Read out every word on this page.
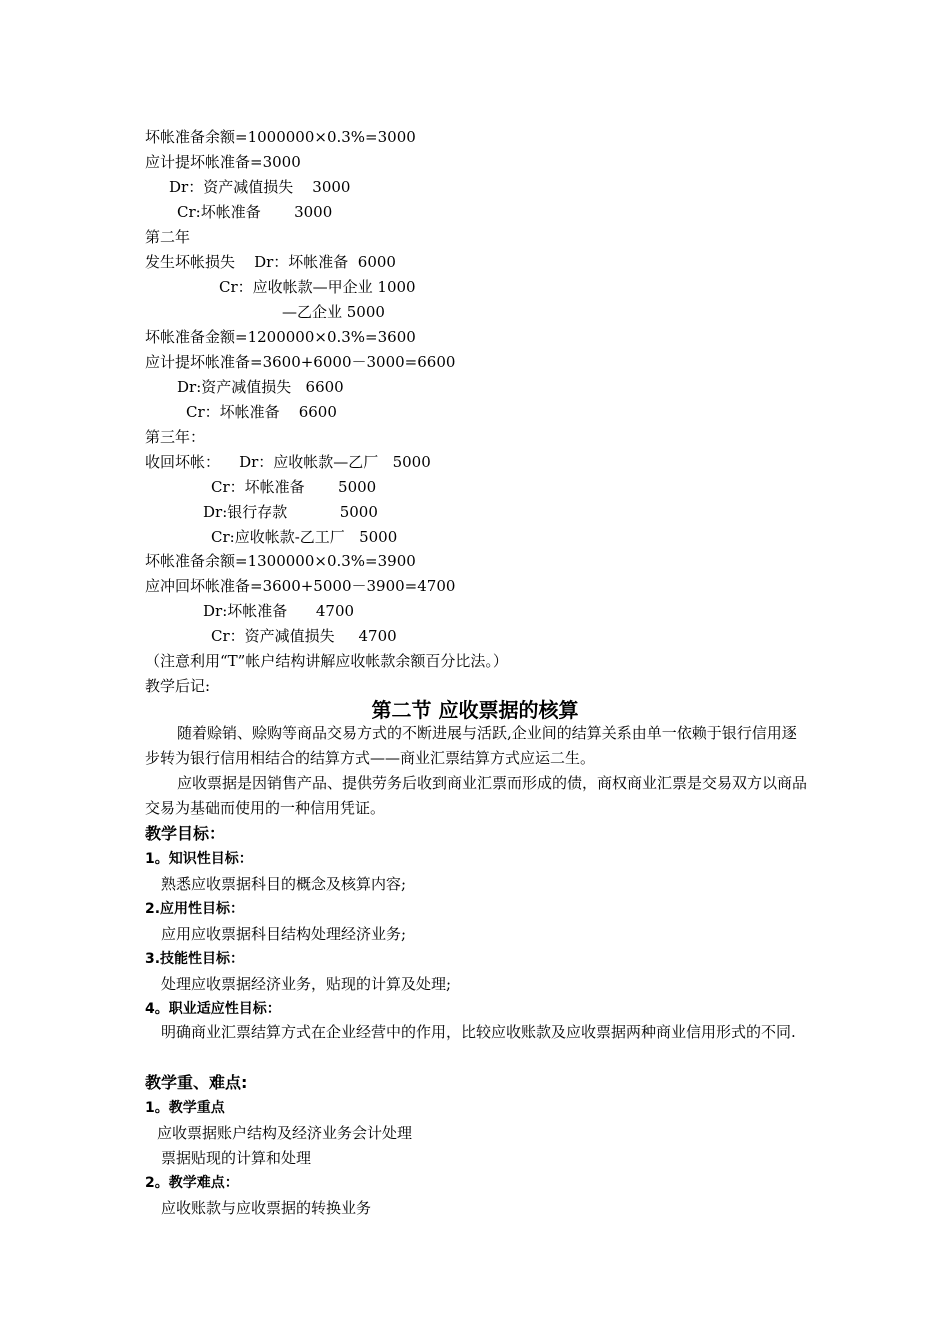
坏帐准备余额=1000000×0.3%=3000

应计提坏帐准备=3000

Dr：资产减值损失    3000

Cr:坏帐准备       3000

第二年

发生坏帐损失    Dr：坏帐准备  6000

Cr：应收帐款—甲企业 1000

—乙企业 5000

坏帐准备金额=1200000×0.3%=3600

应计提坏帐准备=3600+6000－3000=6600

Dr:资产减值损失   6600

Cr：坏帐准备    6600

第三年：

收回坏帐：    Dr：应收帐款—乙厂   5000

Cr：坏帐准备       5000

Dr:银行存款           5000

Cr:应收帐款-乙工厂   5000

坏帐准备余额=1300000×0.3%=3900

应冲回坏帐准备=3600+5000－3900=4700

Dr:坏帐准备      4700

Cr：资产减值损失     4700

（注意利用“T”帐户结构讲解应收帐款余额百分比法。）

教学后记:

第二节 应收票据的核算

随着赊销、赊购等商品交易方式的不断进展与活跃,企业间的结算关系由单一依赖于银行信用逐步转为银行信用相结合的结算方式——商业汇票结算方式应运二生。

应收票据是因销售产品、提供劳务后收到商业汇票而形成的债，商权商业汇票是交易双方以商品交易为基础而使用的一种信用凭证。

教学目标：
1。知识性目标：

熟悉应收票据科目的概念及核算内容;

2.应用性目标：

应用应收票据科目结构处理经济业务;

3.技能性目标：

处理应收票据经济业务，贴现的计算及处理;

4。职业适应性目标：

明确商业汇票结算方式在企业经营中的作用，比较应收账款及应收票据两种商业信用形式的不同.

教学重、难点:
1。教学重点

应收票据账户结构及经济业务会计处理

票据贴现的计算和处理

2。教学难点：

应收账款与应收票据的转换业务
